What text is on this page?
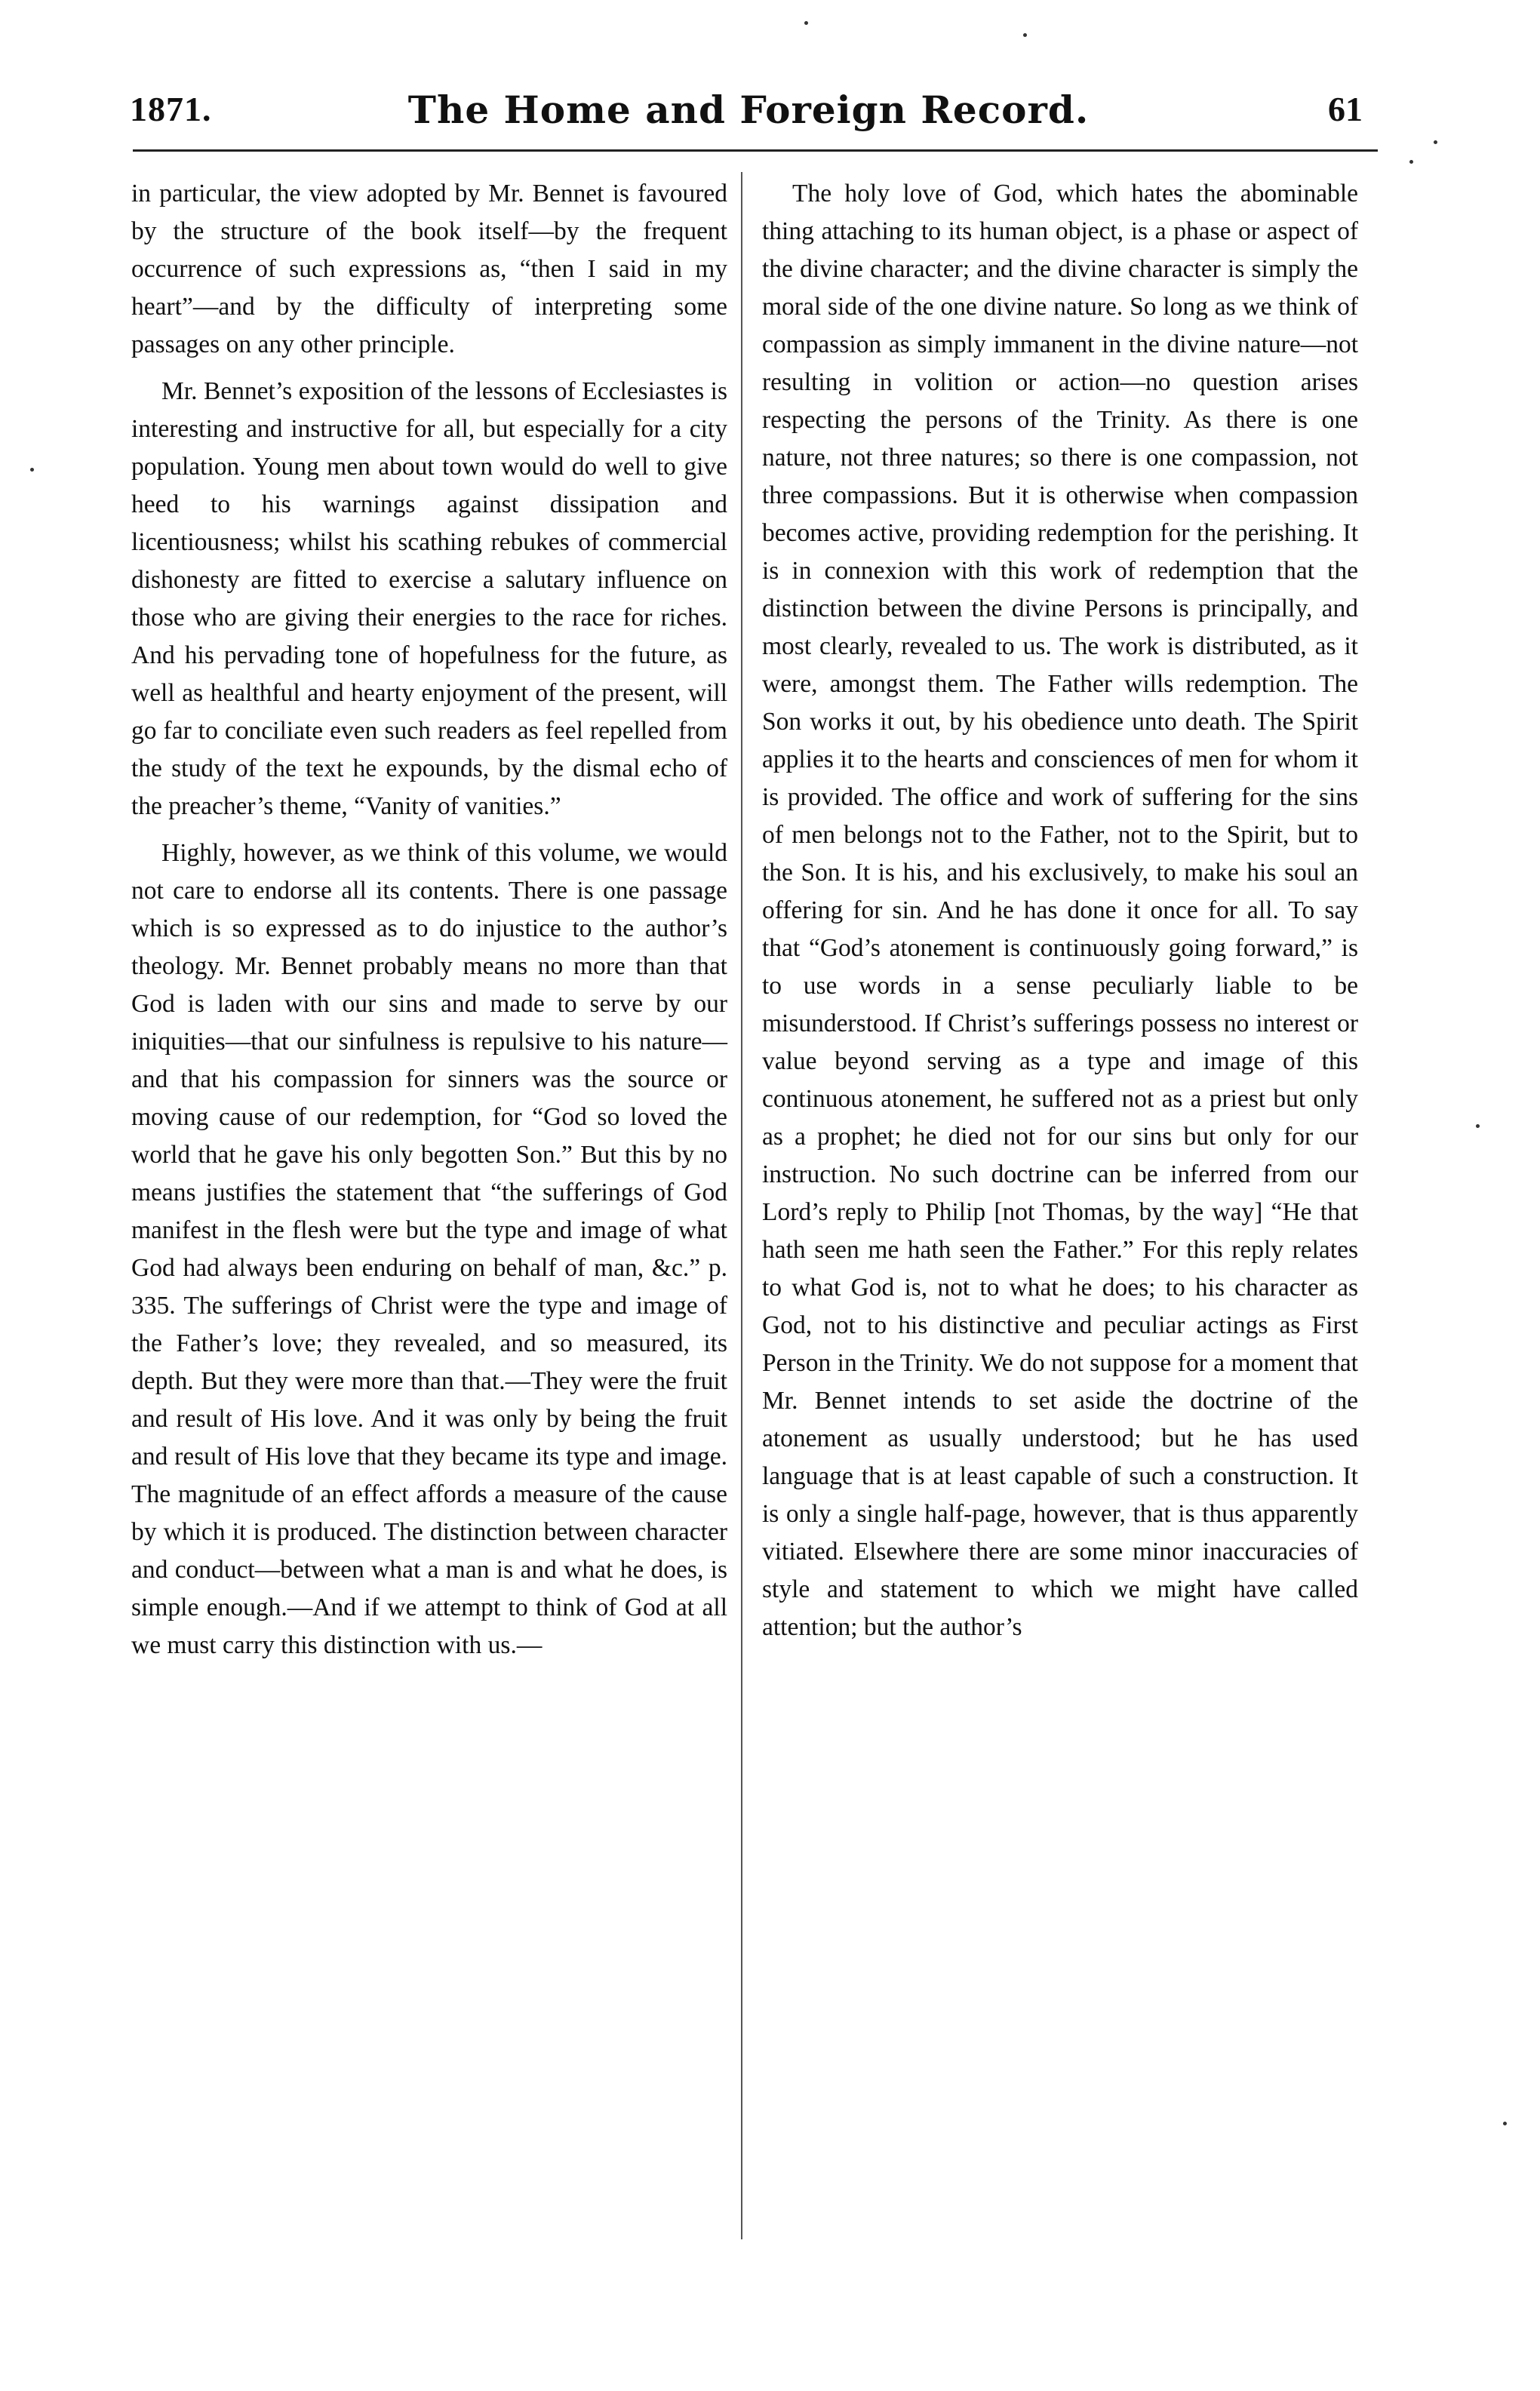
1871.	The Home and Foreign Record.	61

in particular, the view adopted by Mr. Bennet is favoured by the structure of the book itself—by the frequent occurrence of such expressions as, “then I said in my heart”—and by the difficulty of interpreting some passages on any other principle.

Mr. Bennet’s exposition of the lessons of Ecclesiastes is interesting and instructive for all, but especially for a city population. Young men about town would do well to give heed to his warnings against dissipation and licentiousness; whilst his scathing rebukes of commercial dishonesty are fitted to exercise a salutary influence on those who are giving their energies to the race for riches. And his pervading tone of hopefulness for the future, as well as healthful and hearty enjoyment of the present, will go far to conciliate even such readers as feel repelled from the study of the text he expounds, by the dismal echo of the preacher’s theme, “Vanity of vanities.”

Highly, however, as we think of this volume, we would not care to endorse all its contents. There is one passage which is so expressed as to do injustice to the author’s theology. Mr. Bennet probably means no more than that God is laden with our sins and made to serve by our iniquities—that our sinfulness is repulsive to his nature—and that his compassion for sinners was the source or moving cause of our redemption, for “God so loved the world that he gave his only begotten Son.” But this by no means justifies the statement that “the sufferings of God manifest in the flesh were but the type and image of what God had always been enduring on behalf of man, &c.” p. 335. The sufferings of Christ were the type and image of the Father’s love; they revealed, and so measured, its depth. But they were more than that.—They were the fruit and result of His love. And it was only by being the fruit and result of His love that they became its type and image. The magnitude of an effect affords a measure of the cause by which it is produced. The distinction between character and conduct—between what a man is and what he does, is simple enough.—And if we attempt to think of God at all we must carry this distinction with us.—

The holy love of God, which hates the abominable thing attaching to its human object, is a phase or aspect of the divine character; and the divine character is simply the moral side of the one divine nature. So long as we think of compassion as simply immanent in the divine nature—not resulting in volition or action—no question arises respecting the persons of the Trinity. As there is one nature, not three natures; so there is one compassion, not three compassions. But it is otherwise when compassion becomes active, providing redemption for the perishing. It is in connexion with this work of redemption that the distinction between the divine Persons is principally, and most clearly, revealed to us. The work is distributed, as it were, amongst them. The Father wills redemption. The Son works it out, by his obedience unto death. The Spirit applies it to the hearts and consciences of men for whom it is provided. The office and work of suffering for the sins of men belongs not to the Father, not to the Spirit, but to the Son. It is his, and his exclusively, to make his soul an offering for sin. And he has done it once for all. To say that “God’s atonement is continuously going forward,” is to use words in a sense peculiarly liable to be misunderstood. If Christ’s sufferings possess no interest or value beyond serving as a type and image of this continuous atonement, he suffered not as a priest but only as a prophet; he died not for our sins but only for our instruction. No such doctrine can be inferred from our Lord’s reply to Philip [not Thomas, by the way] “He that hath seen me hath seen the Father.” For this reply relates to what God is, not to what he does; to his character as God, not to his distinctive and peculiar actings as First Person in the Trinity. We do not suppose for a moment that Mr. Bennet intends to set aside the doctrine of the atonement as usually understood; but he has used language that is at least capable of such a construction. It is only a single half-page, however, that is thus apparently vitiated. Elsewhere there are some minor inaccuracies of style and statement to which we might have called attention; but the author’s
